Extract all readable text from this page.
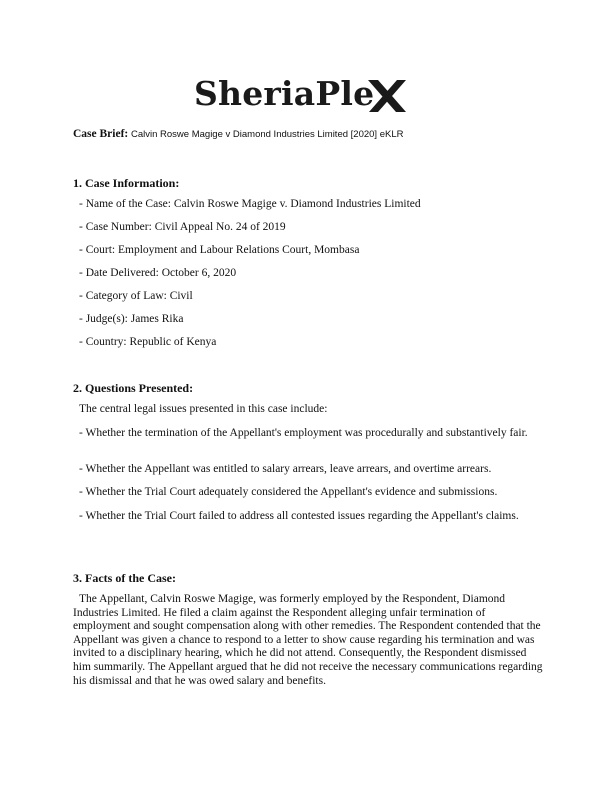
SheriaPle
Case Brief: Calvin Roswe Magige v Diamond Industries Limited [2020] eKLR
1. Case Information:
- Name of the Case: Calvin Roswe Magige v. Diamond Industries Limited
- Case Number: Civil Appeal No. 24 of 2019
- Court: Employment and Labour Relations Court, Mombasa
- Date Delivered: October 6, 2020
- Category of Law: Civil
- Judge(s): James Rika
- Country: Republic of Kenya
2. Questions Presented:
The central legal issues presented in this case include:
- Whether the termination of the Appellant's employment was procedurally and substantively fair.
- Whether the Appellant was entitled to salary arrears, leave arrears, and overtime arrears.
- Whether the Trial Court adequately considered the Appellant's evidence and submissions.
- Whether the Trial Court failed to address all contested issues regarding the Appellant's claims.
3. Facts of the Case:
The Appellant, Calvin Roswe Magige, was formerly employed by the Respondent, Diamond Industries Limited. He filed a claim against the Respondent alleging unfair termination of employment and sought compensation along with other remedies. The Respondent contended that the Appellant was given a chance to respond to a letter to show cause regarding his termination and was invited to a disciplinary hearing, which he did not attend. Consequently, the Respondent dismissed him summarily. The Appellant argued that he did not receive the necessary communications regarding his dismissal and that he was owed salary and benefits.
